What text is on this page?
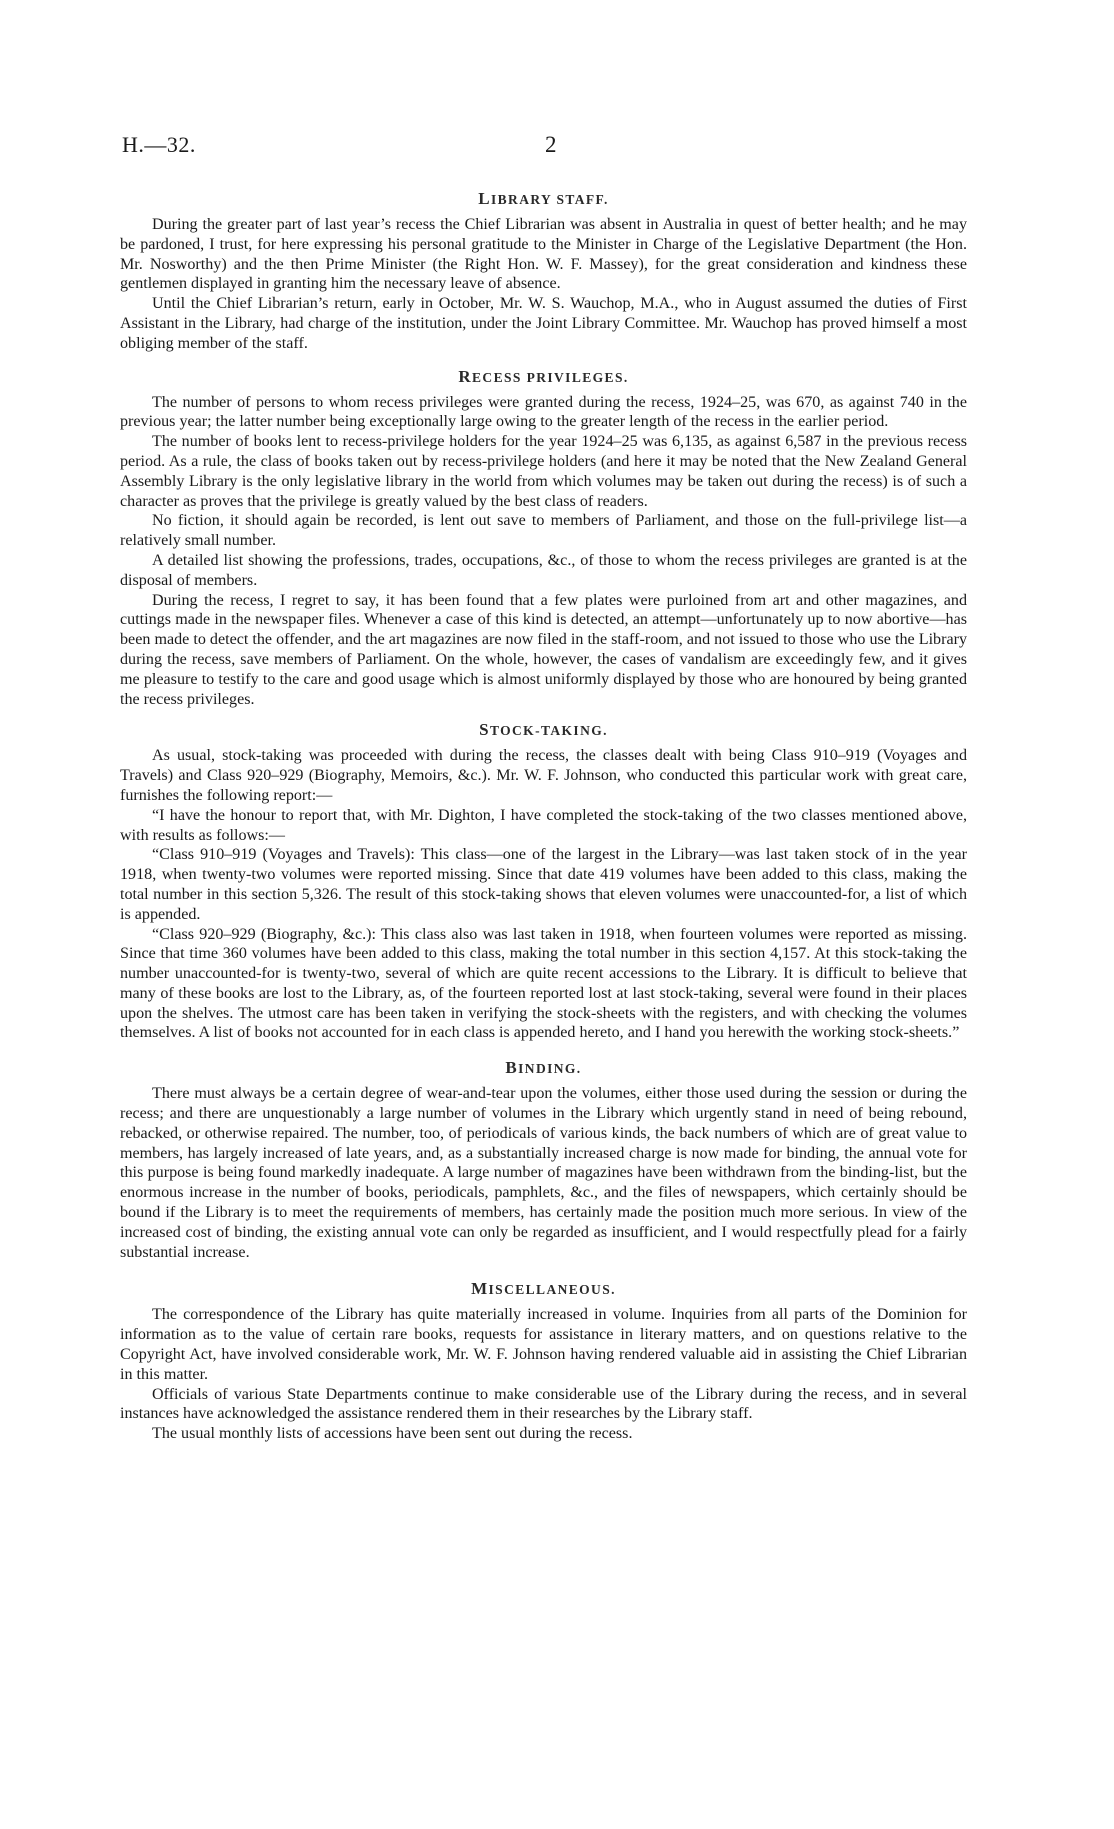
H.—32.	2
LIBRARY STAFF.

During the greater part of last year’s recess the Chief Librarian was absent in Australia in quest of better health; and he may be pardoned, I trust, for here expressing his personal gratitude to the Minister in Charge of the Legislative Department (the Hon. Mr. Nosworthy) and the then Prime Minister (the Right Hon. W. F. Massey), for the great consideration and kindness these gentlemen displayed in granting him the necessary leave of absence.

Until the Chief Librarian’s return, early in October, Mr. W. S. Wauchop, M.A., who in August assumed the duties of First Assistant in the Library, had charge of the institution, under the Joint Library Committee. Mr. Wauchop has proved himself a most obliging member of the staff.

RECESS PRIVILEGES.

The number of persons to whom recess privileges were granted during the recess, 1924–25, was 670, as against 740 in the previous year; the latter number being exceptionally large owing to the greater length of the recess in the earlier period.

The number of books lent to recess-privilege holders for the year 1924–25 was 6,135, as against 6,587 in the previous recess period. As a rule, the class of books taken out by recess-privilege holders (and here it may be noted that the New Zealand General Assembly Library is the only legislative library in the world from which volumes may be taken out during the recess) is of such a character as proves that the privilege is greatly valued by the best class of readers.

No fiction, it should again be recorded, is lent out save to members of Parliament, and those on the full-privilege list—a relatively small number.

A detailed list showing the professions, trades, occupations, &c., of those to whom the recess privileges are granted is at the disposal of members.

During the recess, I regret to say, it has been found that a few plates were purloined from art and other magazines, and cuttings made in the newspaper files. Whenever a case of this kind is detected, an attempt—unfortunately up to now abortive—has been made to detect the offender, and the art magazines are now filed in the staff-room, and not issued to those who use the Library during the recess, save members of Parliament. On the whole, however, the cases of vandalism are exceedingly few, and it gives me pleasure to testify to the care and good usage which is almost uniformly displayed by those who are honoured by being granted the recess privileges.

STOCK-TAKING.

As usual, stock-taking was proceeded with during the recess, the classes dealt with being Class 910–919 (Voyages and Travels) and Class 920–929 (Biography, Memoirs, &c.). Mr. W. F. Johnson, who conducted this particular work with great care, furnishes the following report:—

“I have the honour to report that, with Mr. Dighton, I have completed the stock-taking of the two classes mentioned above, with results as follows:—

“Class 910–919 (Voyages and Travels): This class—one of the largest in the Library—was last taken stock of in the year 1918, when twenty-two volumes were reported missing. Since that date 419 volumes have been added to this class, making the total number in this section 5,326. The result of this stock-taking shows that eleven volumes were unaccounted-for, a list of which is appended.

“Class 920–929 (Biography, &c.): This class also was last taken in 1918, when fourteen volumes were reported as missing. Since that time 360 volumes have been added to this class, making the total number in this section 4,157. At this stock-taking the number unaccounted-for is twenty-two, several of which are quite recent accessions to the Library. It is difficult to believe that many of these books are lost to the Library, as, of the fourteen reported lost at last stock-taking, several were found in their places upon the shelves. The utmost care has been taken in verifying the stock-sheets with the registers, and with checking the volumes themselves. A list of books not accounted for in each class is appended hereto, and I hand you herewith the working stock-sheets.”

BINDING.

There must always be a certain degree of wear-and-tear upon the volumes, either those used during the session or during the recess; and there are unquestionably a large number of volumes in the Library which urgently stand in need of being rebound, rebacked, or otherwise repaired. The number, too, of periodicals of various kinds, the back numbers of which are of great value to members, has largely increased of late years, and, as a substantially increased charge is now made for binding, the annual vote for this purpose is being found markedly inadequate. A large number of magazines have been withdrawn from the binding-list, but the enormous increase in the number of books, periodicals, pamphlets, &c., and the files of newspapers, which certainly should be bound if the Library is to meet the requirements of members, has certainly made the position much more serious. In view of the increased cost of binding, the existing annual vote can only be regarded as insufficient, and I would respectfully plead for a fairly substantial increase.

MISCELLANEOUS.

The correspondence of the Library has quite materially increased in volume. Inquiries from all parts of the Dominion for information as to the value of certain rare books, requests for assistance in literary matters, and on questions relative to the Copyright Act, have involved considerable work, Mr. W. F. Johnson having rendered valuable aid in assisting the Chief Librarian in this matter.

Officials of various State Departments continue to make considerable use of the Library during the recess, and in several instances have acknowledged the assistance rendered them in their researches by the Library staff.

The usual monthly lists of accessions have been sent out during the recess.
